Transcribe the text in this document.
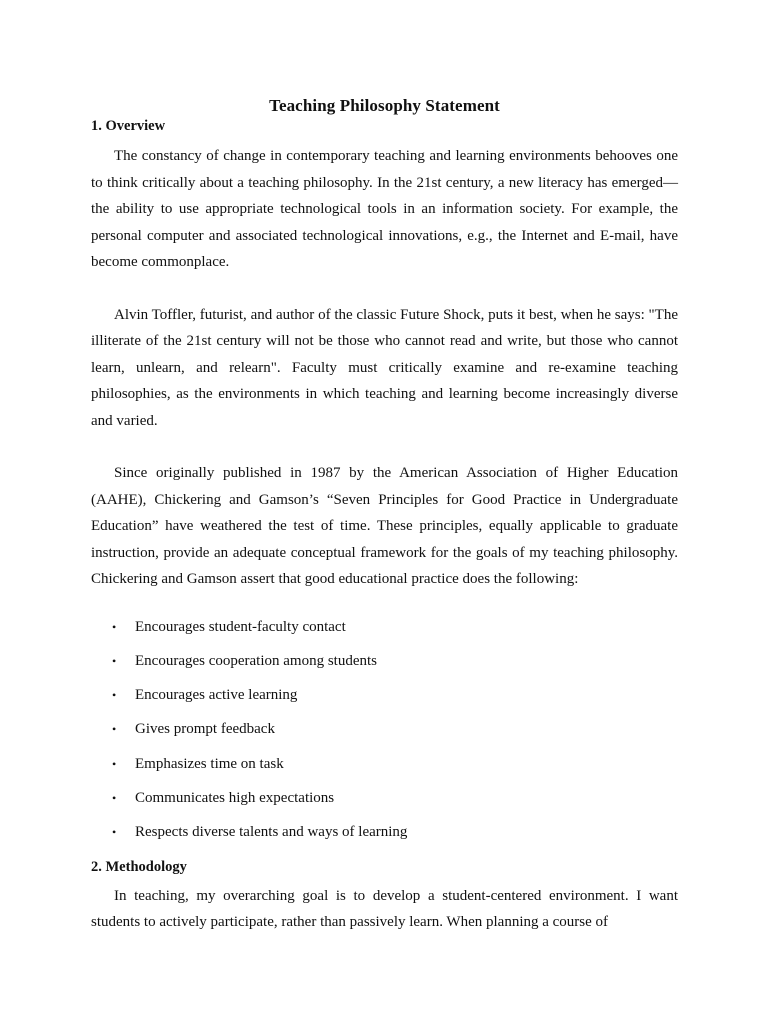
Teaching Philosophy Statement
1. Overview

The constancy of change in contemporary teaching and learning environments behooves one to think critically about a teaching philosophy. In the 21st century, a new literacy has emerged—the ability to use appropriate technological tools in an information society. For example, the personal computer and associated technological innovations, e.g., the Internet and E-mail, have become commonplace.

Alvin Toffler, futurist, and author of the classic Future Shock, puts it best, when he says: "The illiterate of the 21st century will not be those who cannot read and write, but those who cannot learn, unlearn, and relearn". Faculty must critically examine and re-examine teaching philosophies, as the environments in which teaching and learning become increasingly diverse and varied.

Since originally published in 1987 by the American Association of Higher Education (AAHE), Chickering and Gamson’s “Seven Principles for Good Practice in Undergraduate Education” have weathered the test of time. These principles, equally applicable to graduate instruction, provide an adequate conceptual framework for the goals of my teaching philosophy. Chickering and Gamson assert that good educational practice does the following:

• Encourages student-faculty contact
• Encourages cooperation among students
• Encourages active learning
• Gives prompt feedback
• Emphasizes time on task
• Communicates high expectations
• Respects diverse talents and ways of learning
2. Methodology

In teaching, my overarching goal is to develop a student-centered environment. I want students to actively participate, rather than passively learn. When planning a course of
